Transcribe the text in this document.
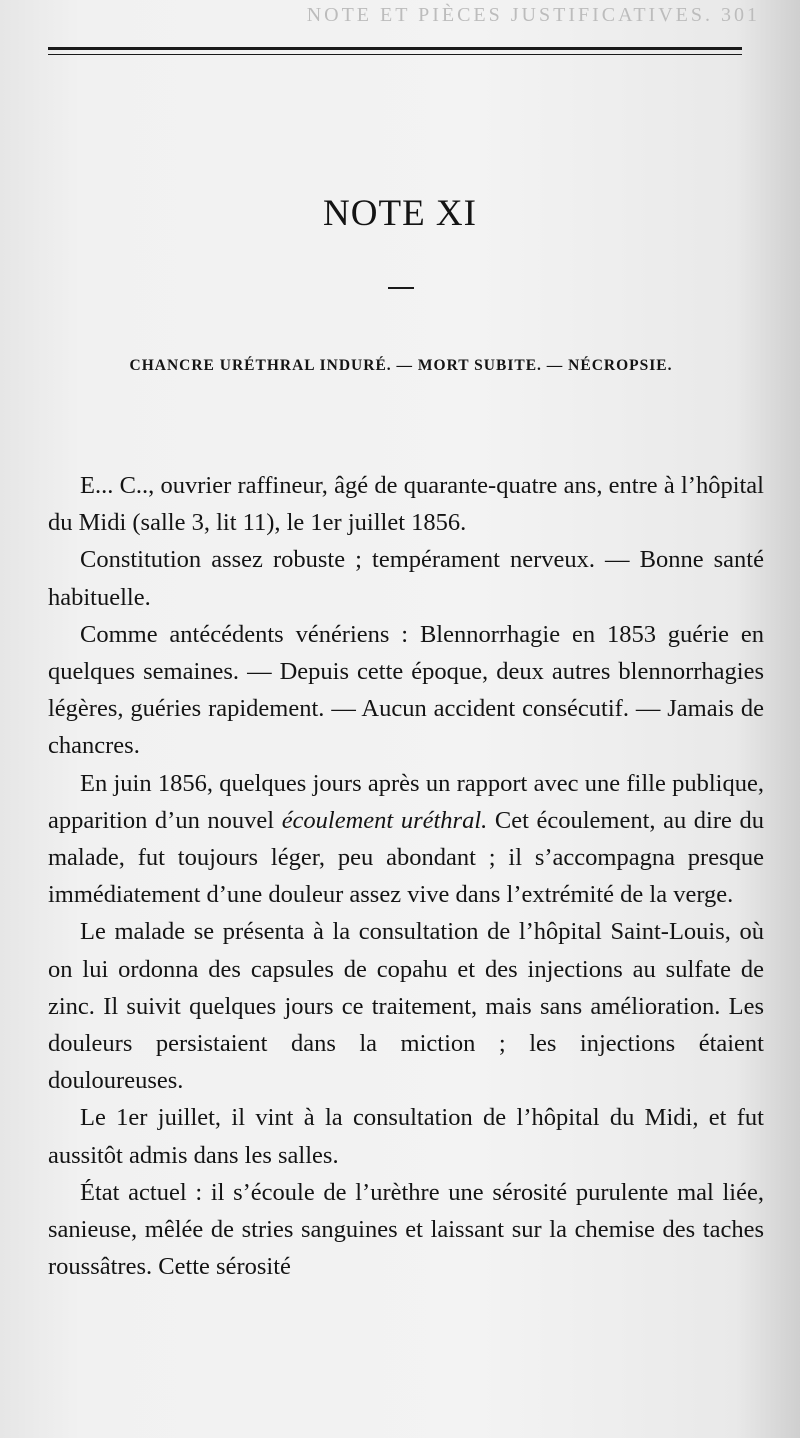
NOTE ET PIÈCES JUSTIFICATIVES. 301
NOTE XI
CHANCRE URÉTHRAL INDURÉ. — MORT SUBITE. — NÉCROPSIE.

E... C.., ouvrier raffineur, âgé de quarante-quatre ans, entre à l’hôpital du Midi (salle 3, lit 11), le 1er juillet 1856.

Constitution assez robuste ; tempérament nerveux. — Bonne santé habituelle.

Comme antécédents vénériens : Blennorrhagie en 1853 guérie en quelques semaines. — Depuis cette époque, deux autres blennorrhagies légères, guéries rapidement. — Aucun accident consécutif. — Jamais de chancres.

En juin 1856, quelques jours après un rapport avec une fille publique, apparition d’un nouvel écoulement uréthral. Cet écoulement, au dire du malade, fut toujours léger, peu abondant ; il s’accompagna presque immédiatement d’une douleur assez vive dans l’extrémité de la verge.

Le malade se présenta à la consultation de l’hôpital Saint-Louis, où on lui ordonna des capsules de copahu et des injections au sulfate de zinc. Il suivit quelques jours ce traitement, mais sans amélioration. Les douleurs persistaient dans la miction ; les injections étaient douloureuses.

Le 1er juillet, il vint à la consultation de l’hôpital du Midi, et fut aussitôt admis dans les salles.

État actuel : il s’écoule de l’urèthre une sérosité purulente mal liée, sanieuse, mêlée de stries sanguines et laissant sur la chemise des taches roussâtres. Cette sérosité
